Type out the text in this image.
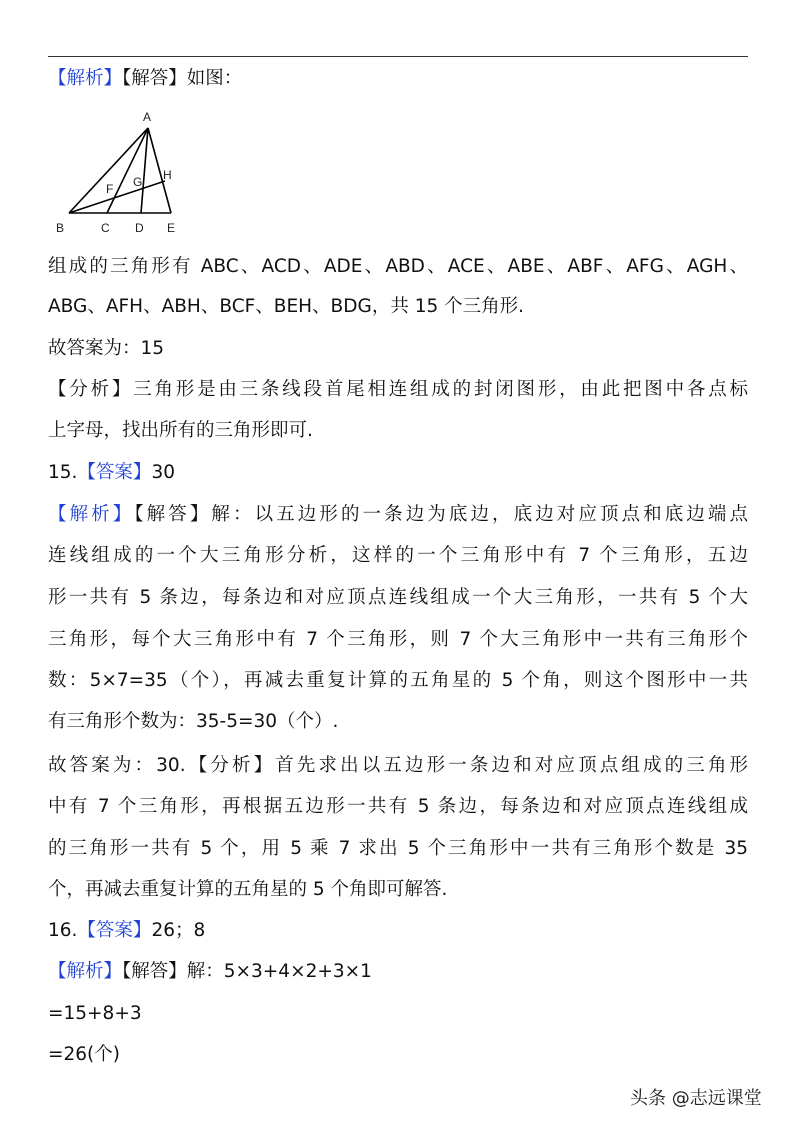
【解析】【解答】如图：
组成的三角形有 ABC、ACD、ADE、ABD、ACE、ABE、ABF、AFG、AGH、
ABG、AFH、ABH、BCF、BEH、BDG，共 15 个三角形.
故答案为：15
【分析】三角形是由三条线段首尾相连组成的封闭图形，由此把图中各点标
上字母，找出所有的三角形即可.
15.【答案】30
【解析】【解答】解：以五边形的一条边为底边，底边对应顶点和底边端点
连线组成的一个大三角形分析，这样的一个三角形中有 7 个三角形，五边
形一共有 5 条边，每条边和对应顶点连线组成一个大三角形，一共有 5 个大
三角形，每个大三角形中有 7 个三角形，则 7 个大三角形中一共有三角形个
数：5×7=35（个），再减去重复计算的五角星的 5 个角，则这个图形中一共
有三角形个数为：35-5=30（个）.
故答案为：30.【分析】首先求出以五边形一条边和对应顶点组成的三角形
中有 7 个三角形，再根据五边形一共有 5 条边，每条边和对应顶点连线组成
的三角形一共有 5 个，用 5 乘 7 求出 5 个三角形中一共有三角形个数是 35
个，再减去重复计算的五角星的 5 个角即可解答.
16.【答案】26；8
【解析】【解答】解：5×3+4×2+3×1
=15+8+3
=26(个)
A
B	C D E
F G H
头条 @志远课堂
